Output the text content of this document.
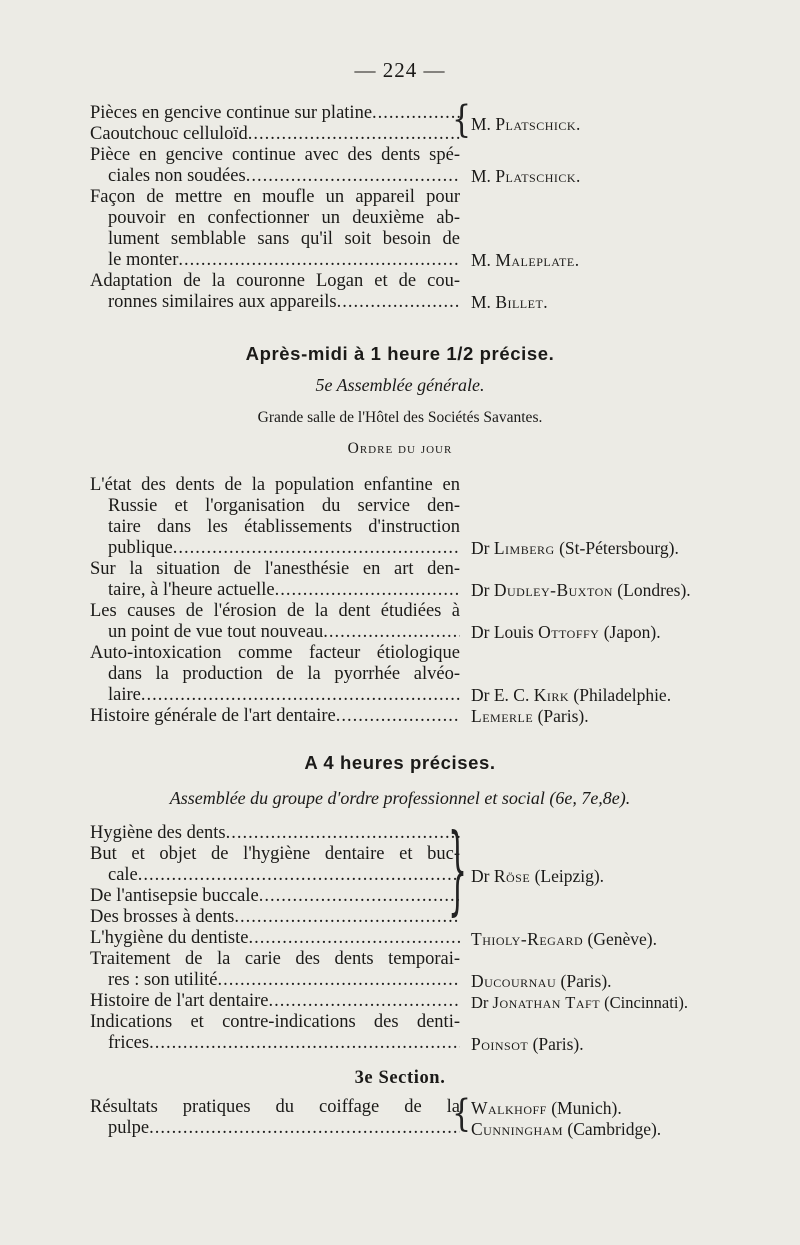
— 224 —
Pièces en gencive continue sur platine
.....
Caoutchouc celluloïd
.....
Pièce en gencive continue avec des dents spé-
ciales non soudées
.....
Façon de mettre en moufle un appareil pour
pouvoir en confectionner un deuxième ab-
lument semblable sans qu'il soit besoin de
le monter
.....
Adaptation de la couronne Logan et de cou-
ronnes similaires aux appareils
.....
{ M. Platschick.
M. Platschick.
M. Maleplate.
M. Billet.
Après-midi à 1 heure 1/2 précise.
5e Assemblée générale.
Grande salle de l'Hôtel des Sociétés Savantes.
Ordre du jour
L'état des dents de la population enfantine en
Russie et l'organisation du service den-
taire dans les établissements d'instruction
publique
.....
Sur la situation de l'anesthésie en art den-
taire, à l'heure actuelle
.....
Les causes de l'érosion de la dent étudiées à
un point de vue tout nouveau
.....
Auto-intoxication comme facteur étiologique
dans la production de la pyorrhée alvéo-
laire
.....
Histoire générale de l'art dentaire
.....
Dr Limberg (St-Pétersbourg).
Dr Dudley-Buxton (Londres).
Dr Louis Ottoffy (Japon).
Dr E. C. Kirk (Philadelphie.
Lemerle (Paris).
A 4 heures précises.
Assemblée du groupe d'ordre professionnel et social (6e, 7e,8e).
Hygiène des dents
.....
But et objet de l'hygiène dentaire et buc-
cale
.....
De l'antisepsie buccale
.....
Des brosses à dents
.....
L'hygiène du dentiste
.....
Traitement de la carie des dents temporai-
res : son utilité
.....
Histoire de l'art dentaire
.....
Indications et contre-indications des denti-
frices
.....
} Dr Röse (Leipzig).
Thioly-Regard (Genève).
Ducournau (Paris).
Dr Jonathan Taft (Cincinnati).
Poinsot (Paris).
3e Section.
Résultats pratiques du coiffage de la
pulpe
.....	{ Walkhoff (Munich).
Cunningham (Cambridge).
